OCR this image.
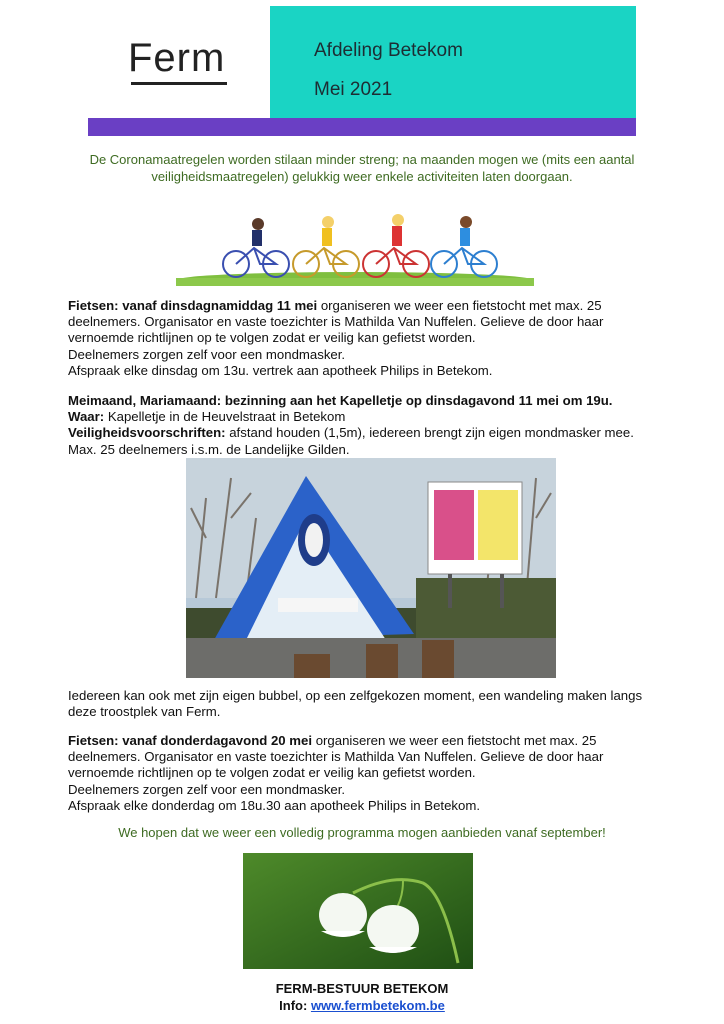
Ferm	Afdeling Betekom
Mei 2021
De Coronamaatregelen worden stilaan minder streng; na maanden mogen we (mits een aantal veiligheidsmaatregelen) gelukkig weer enkele activiteiten laten doorgaan.
Fietsen: vanaf dinsdagnamiddag 11 mei organiseren we weer een fietstocht met max. 25 deelnemers. Organisator en vaste toezichter is Mathilda Van Nuffelen. Gelieve de door haar vernoemde richtlijnen op te volgen zodat er veilig kan gefietst worden.
Deelnemers zorgen zelf voor een mondmasker.
Afspraak elke dinsdag om 13u. vertrek aan apotheek Philips in Betekom.
Meimaand, Mariamaand: bezinning aan het Kapelletje op dinsdagavond 11 mei om 19u.
Waar: Kapelletje in de Heuvelstraat in Betekom
Veiligheidsvoorschriften: afstand houden (1,5m), iedereen brengt zijn eigen mondmasker mee.
Max. 25 deelnemers i.s.m. de Landelijke Gilden.
Iedereen kan ook met zijn eigen bubbel, op een zelfgekozen moment, een wandeling maken langs deze troostplek van Ferm.
Fietsen: vanaf donderdagavond 20 mei organiseren we weer een fietstocht met max. 25 deelnemers. Organisator en vaste toezichter is Mathilda Van Nuffelen. Gelieve de door haar vernoemde richtlijnen op te volgen zodat er veilig kan gefietst worden.
Deelnemers zorgen zelf voor een mondmasker.
Afspraak elke donderdag om 18u.30 aan apotheek Philips in Betekom.
We hopen dat we weer een volledig programma mogen aanbieden vanaf september!
FERM-BESTUUR BETEKOM
Info: www.fermbetekom.be
